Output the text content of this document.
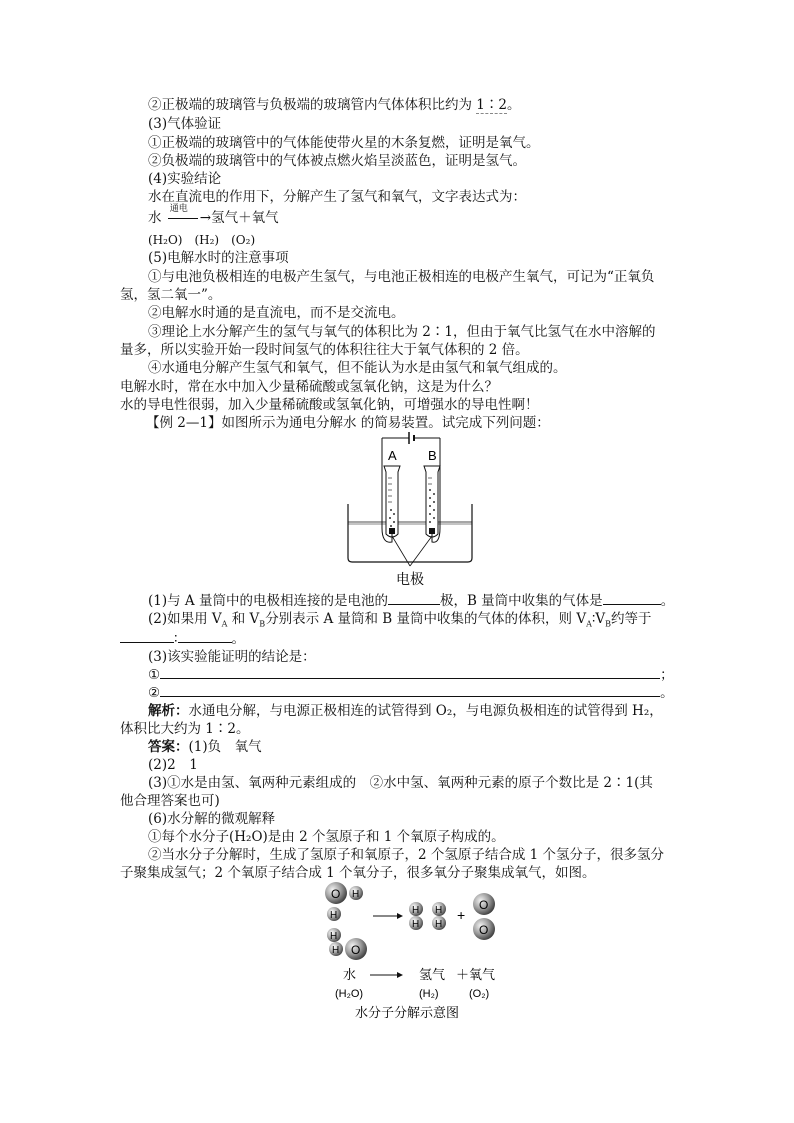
②正极端的玻璃管与负极端的玻璃管内气体体积比约为 1∶2。
(3)气体验证
①正极端的玻璃管中的气体能使带火星的木条复燃，证明是氧气。
②负极端的玻璃管中的气体被点燃火焰呈淡蓝色，证明是氢气。
(4)实验结论
水在直流电的作用下，分解产生了氢气和氧气，文字表达式为：
水
通电
→氢气＋氧气
(H₂O)　(H₂)　(O₂)
(5)电解水时的注意事项
①与电池负极相连的电极产生氢气，与电池正极相连的电极产生氧气，可记为“正氧负
氢，氢二氧一”。
②电解水时通的是直流电，而不是交流电。
③理论上水分解产生的氢气与氧气的体积比为 2∶1，但由于氧气比氢气在水中溶解的
量多，所以实验开始一段时间氢气的体积往往大于氧气体积的 2 倍。
④水通电分解产生氢气和氧气，但不能认为水是由氢气和氧气组成的。
电解水时，常在水中加入少量稀硫酸或氢氧化钠，这是为什么？
水的导电性很弱，加入少量稀硫酸或氢氧化钠，可增强水的导电性啊！
【例 2—1】如图所示为通电分解水 的简易装置。试完成下列问题：
A B
电极
(1)与 A 量筒中的电极相连接的是电池的	极，B 量筒中收集的气体是	。
(2)如果用 $V_A$ 和 $V_B$分别表示 A 量筒和 B 量筒中收集的气体的体积，则 $V_A∶V_B$约等于
∶	。
(3)该实验能证明的结论是：
①	；
②	。
解析：水通电分解，与电源正极相连的试管得到 O₂，与电源负极相连的试管得到 H₂，
体积比大约为 1∶2。
答案：(1)负　氧气
(2)2　1
(3)①水是由氢、氧两种元素组成的　②水中氢、氧两种元素的原子个数比是 2∶1(其
他合理答案也可)
(6)水分解的微观解释
①每个水分子(H₂O)是由 2 个氢原子和 1 个氧原子构成的。
②当水分子分解时，生成了氢原子和氧原子，2 个氢原子结合成 1 个氢分子，很多氢分
子聚集成氢气；2 个氧原子结合成 1 个氧分子，很多氧分子聚集成氧气，如图。
O H
H
H
H O
H
H
H
H
+
O
O
水	氢气 ＋氧气
(H₂O)	(H₂)	(O₂)
水分子分解示意图
